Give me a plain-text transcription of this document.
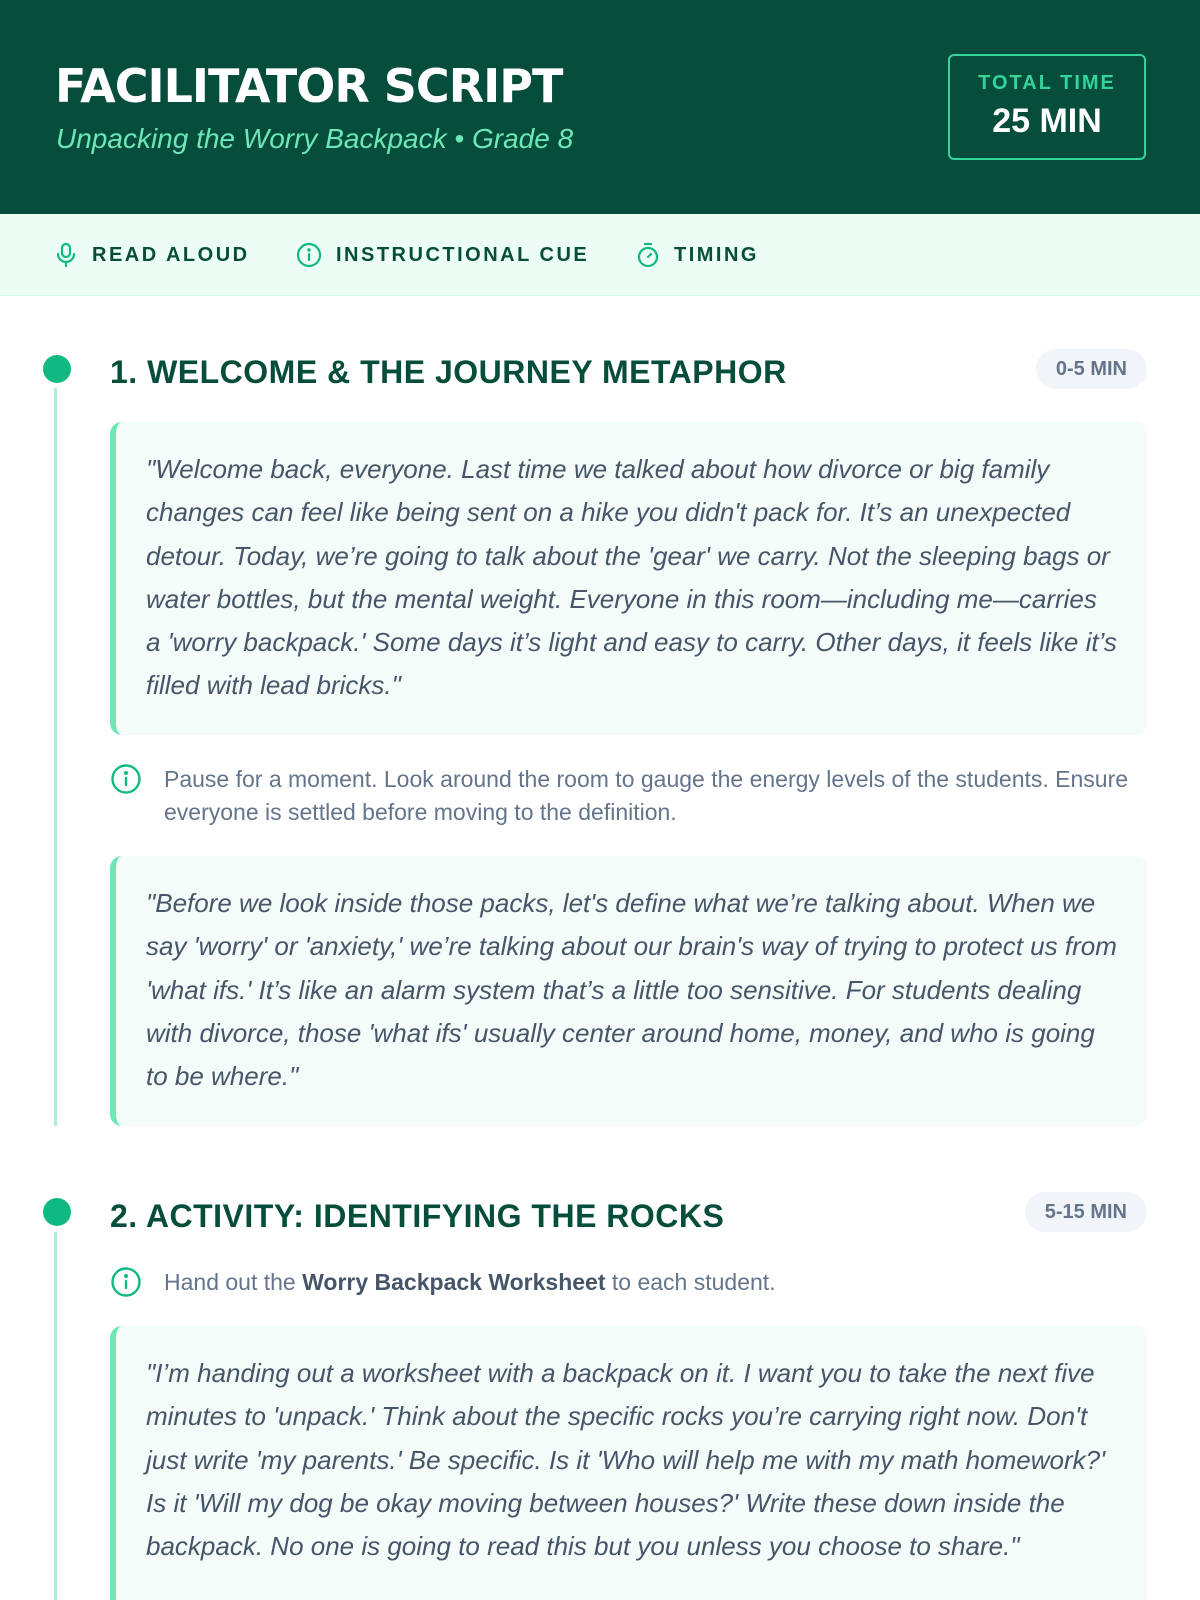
FACILITATOR SCRIPT
Unpacking the Worry Backpack • Grade 8
TOTAL TIME
25 MIN
READ ALOUD	INSTRUCTIONAL CUE	TIMING
1. WELCOME & THE JOURNEY METAPHOR	0-5 MIN

"Welcome back, everyone. Last time we talked about how divorce or big family changes can feel like being sent on a hike you didn't pack for. It’s an unexpected detour. Today, we’re going to talk about the 'gear' we carry. Not the sleeping bags or water bottles, but the mental weight. Everyone in this room—including me—carries a 'worry backpack.' Some days it’s light and easy to carry. Other days, it feels like it’s filled with lead bricks."

Pause for a moment. Look around the room to gauge the energy levels of the students. Ensure everyone is settled before moving to the definition.

"Before we look inside those packs, let's define what we’re talking about. When we say 'worry' or 'anxiety,' we’re talking about our brain's way of trying to protect us from 'what ifs.' It’s like an alarm system that’s a little too sensitive. For students dealing with divorce, those 'what ifs' usually center around home, money, and who is going to be where."

2. ACTIVITY: IDENTIFYING THE ROCKS	5-15 MIN
Hand out the Worry Backpack Worksheet to each student.

"I’m handing out a worksheet with a backpack on it. I want you to take the next five minutes to 'unpack.' Think about the specific rocks you’re carrying right now. Don't just write 'my parents.' Be specific. Is it 'Who will help me with my math homework?' Is it 'Will my dog be okay moving between houses?' Write these down inside the backpack. No one is going to read this but you unless you choose to share."
